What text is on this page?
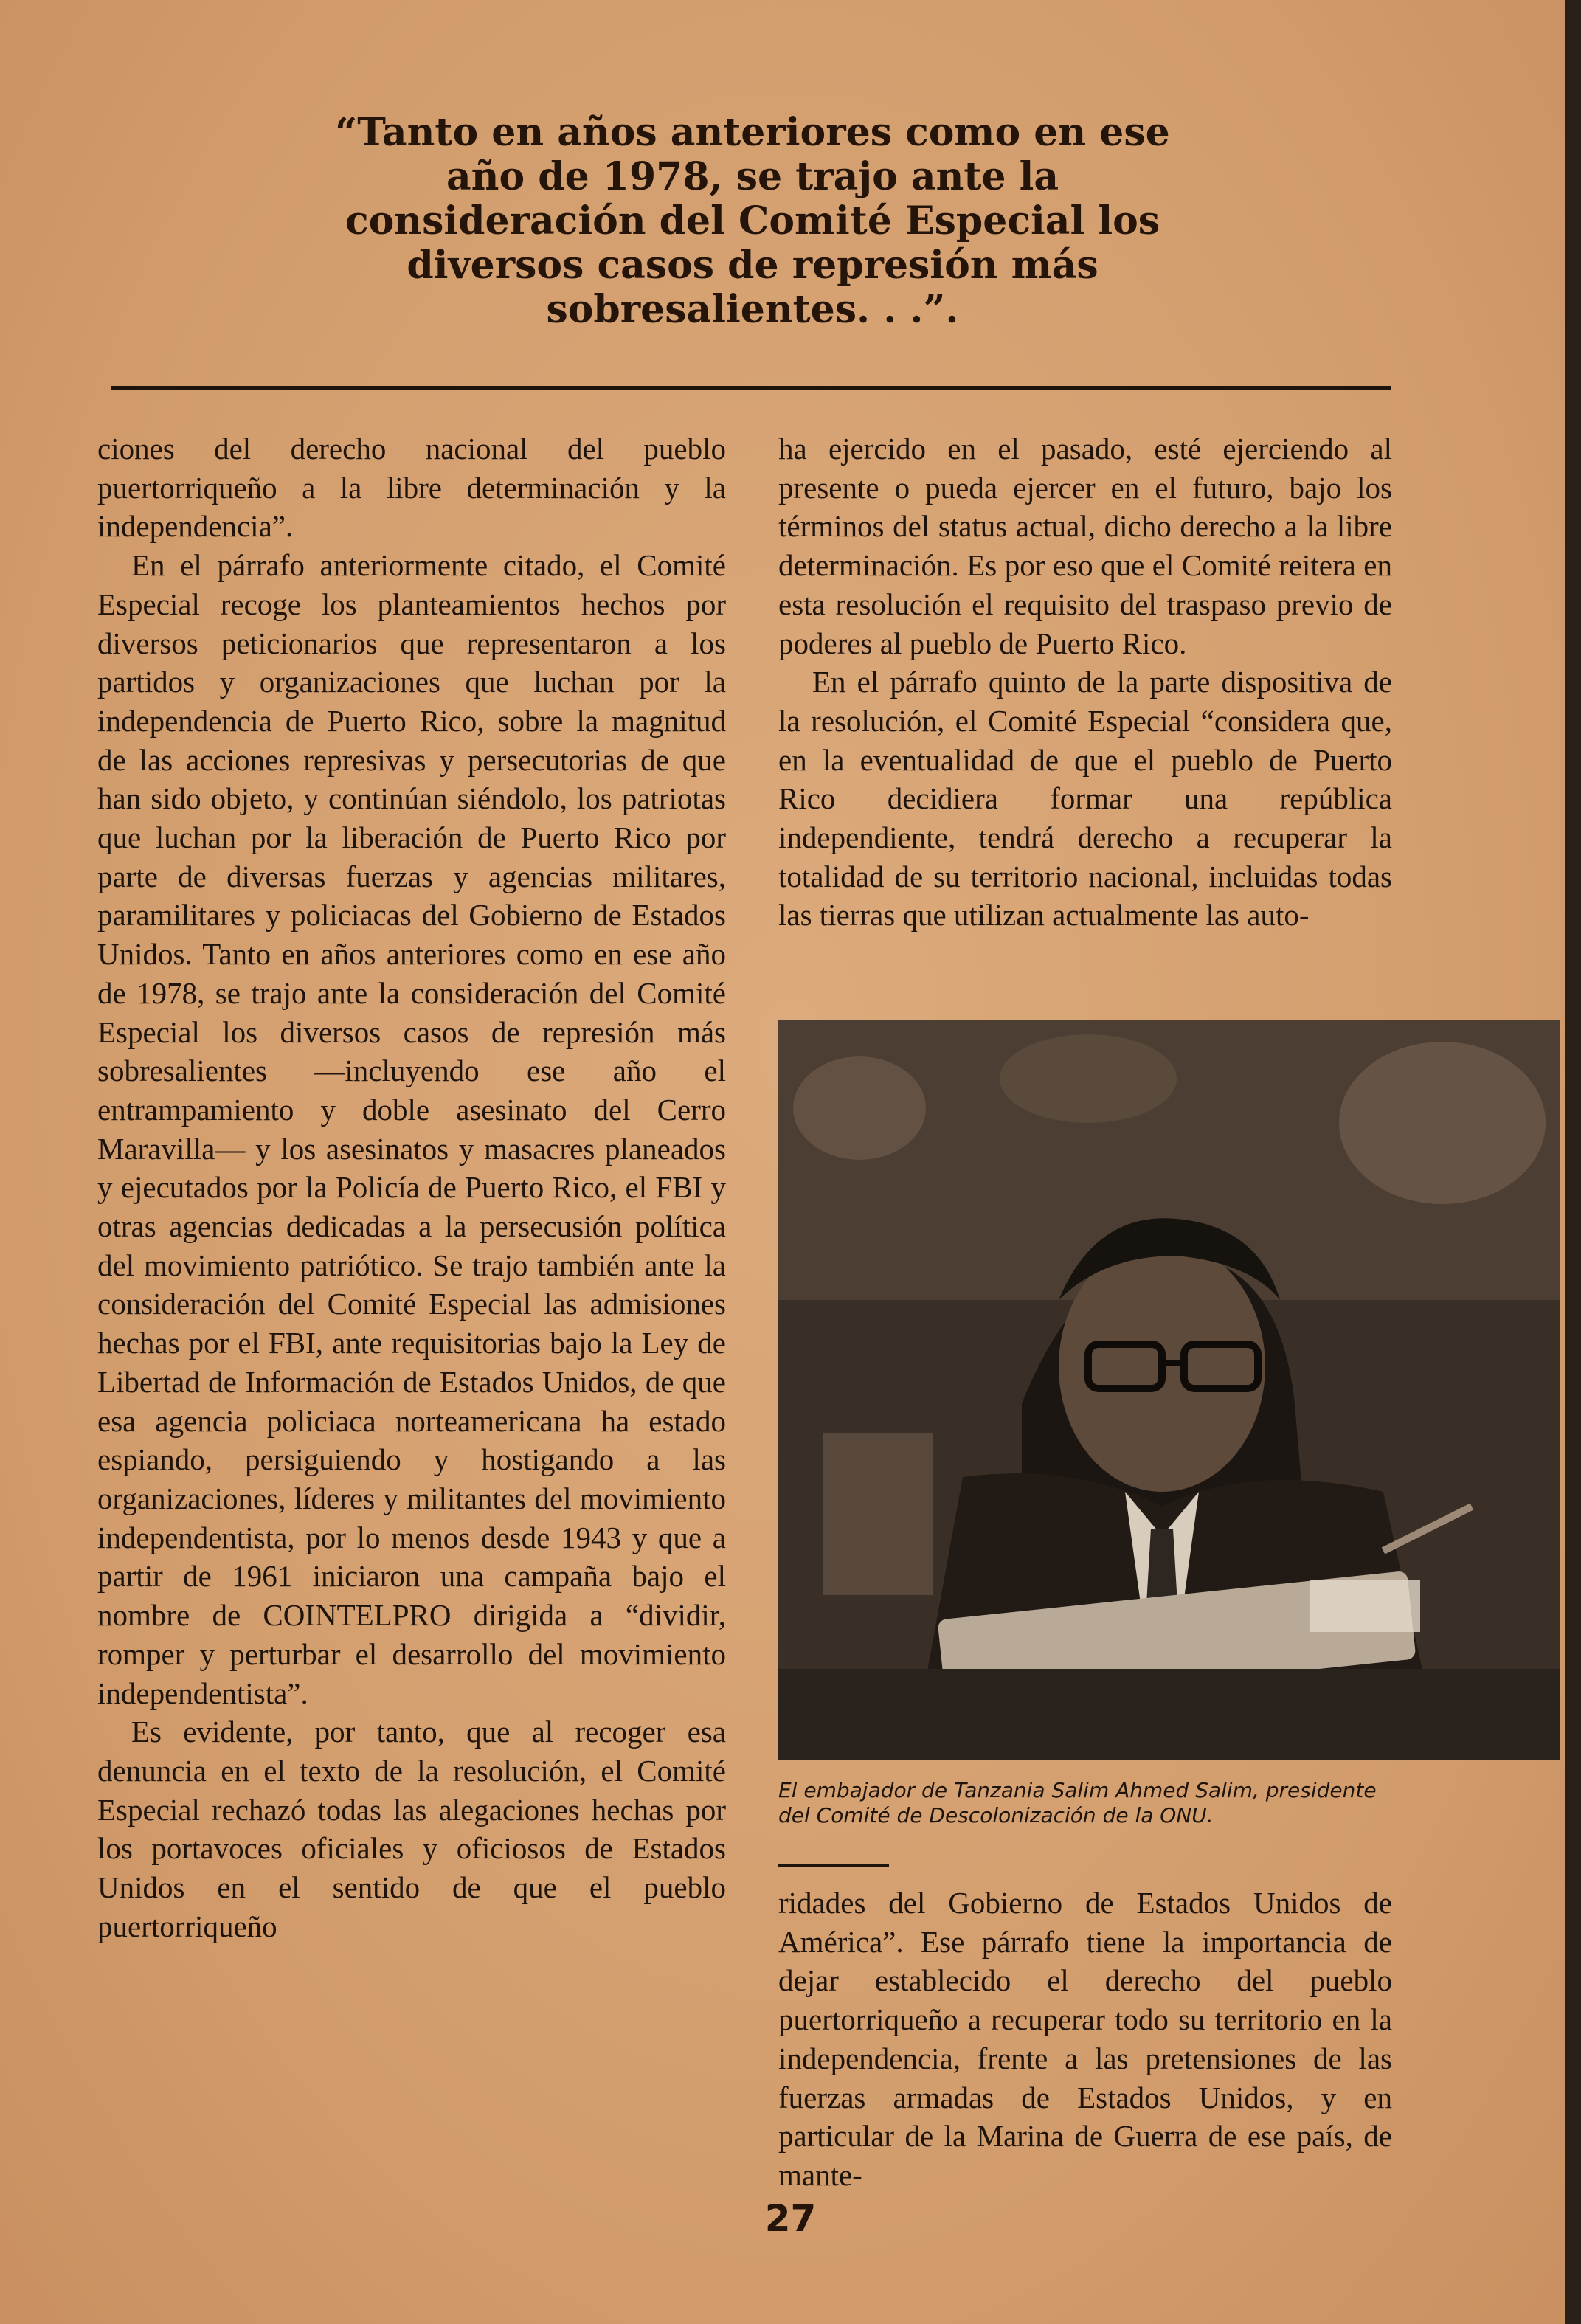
“Tanto en años anteriores como en ese

año de 1978, se trajo ante la

consideración del Comité Especial los

diversos casos de represión más

sobresalientes. . .”.

ciones del derecho nacional del pueblo puertorriqueño a la libre determinación y la independencia”.

En el párrafo anteriormente citado, el Comité Especial recoge los planteamientos hechos por diversos peticionarios que representaron a los partidos y organizaciones que luchan por la independencia de Puerto Rico, sobre la magnitud de las acciones represivas y persecutorias de que han sido objeto, y continúan siéndolo, los patriotas que luchan por la liberación de Puerto Rico por parte de diversas fuerzas y agencias militares, paramilitares y policiacas del Gobierno de Estados Unidos. Tanto en años anteriores como en ese año de 1978, se trajo ante la consideración del Comité Especial los diversos casos de represión más sobresalientes —incluyendo ese año el entrampamiento y doble asesinato del Cerro Maravilla— y los asesinatos y masacres planeados y ejecutados por la Policía de Puerto Rico, el FBI y otras agencias dedicadas a la persecusión política del movimiento patriótico. Se trajo también ante la consideración del Comité Especial las admisiones hechas por el FBI, ante requisitorias bajo la Ley de Libertad de Información de Estados Unidos, de que esa agencia policiaca norteamericana ha estado espiando, persiguiendo y hostigando a las organizaciones, líderes y militantes del movimiento independentista, por lo menos desde 1943 y que a partir de 1961 iniciaron una campaña bajo el nombre de COINTELPRO dirigida a “dividir, romper y perturbar el desarrollo del movimiento independentista”.

Es evidente, por tanto, que al recoger esa denuncia en el texto de la resolución, el Comité Especial rechazó todas las alegaciones hechas por los portavoces oficiales y oficiosos de Estados Unidos en el sentido de que el pueblo puertorriqueño

ha ejercido en el pasado, esté ejerciendo al presente o pueda ejercer en el futuro, bajo los términos del status actual, dicho derecho a la libre determinación. Es por eso que el Comité reitera en esta resolución el requisito del traspaso previo de poderes al pueblo de Puerto Rico.

En el párrafo quinto de la parte dispositiva de la resolución, el Comité Especial “considera que, en la eventualidad de que el pueblo de Puerto Rico decidiera formar una república independiente, tendrá derecho a recuperar la totalidad de su territorio nacional, incluidas todas las tierras que utilizan actualmente las auto-

El embajador de Tanzania Salim Ahmed Salim, presidente del Comité de Descolonización de la ONU.

ridades del Gobierno de Estados Unidos de América”. Ese párrafo tiene la importancia de dejar establecido el derecho del pueblo puertorriqueño a recuperar todo su territorio en la independencia, frente a las pretensiones de las fuerzas armadas de Estados Unidos, y en particular de la Marina de Guerra de ese país, de mante-

27
